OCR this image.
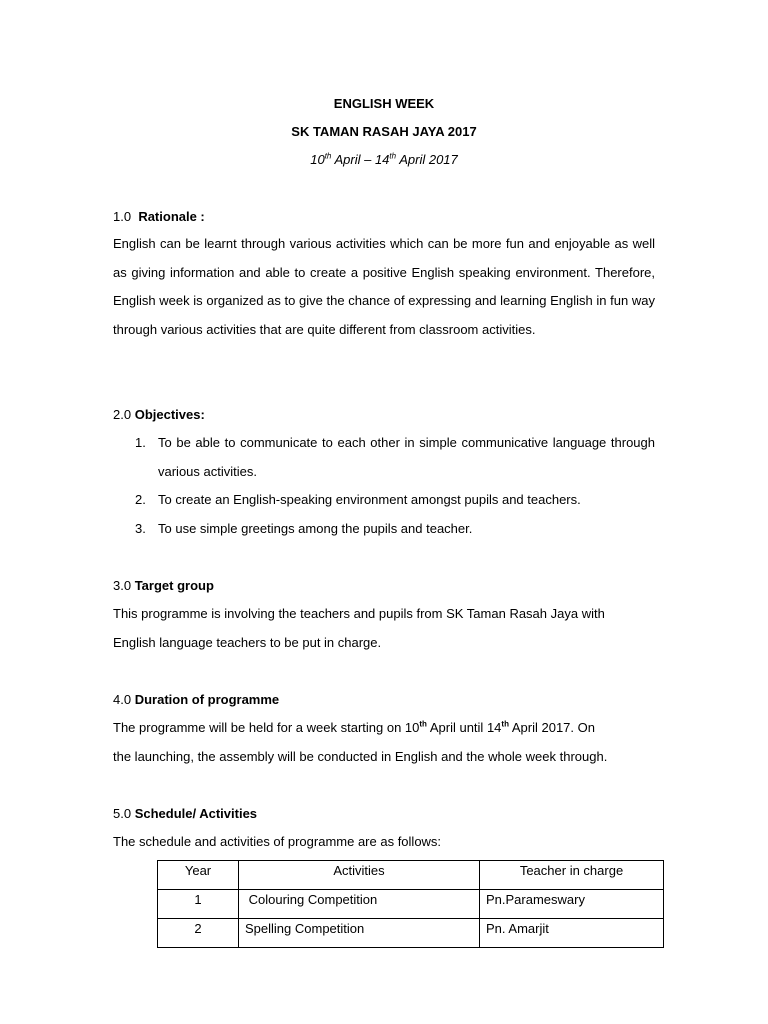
ENGLISH WEEK
SK TAMAN RASAH JAYA 2017
10th April – 14th April 2017
1.0 Rationale :
English can be learnt through various activities which can be more fun and enjoyable as well as giving information and able to create a positive English speaking environment. Therefore, English week is organized as to give the chance of expressing and learning English in fun way through various activities that are quite different from classroom activities.
2.0 Objectives:
1. To be able to communicate to each other in simple communicative language through various activities.
2. To create an English-speaking environment amongst pupils and teachers.
3. To use simple greetings among the pupils and teacher.
3.0 Target group
This programme is involving the teachers and pupils from SK Taman Rasah Jaya with
English language teachers to be put in charge.
4.0 Duration of programme
The programme will be held for a week starting on 10th April until 14th April 2017. On
the launching, the assembly will be conducted in English and the whole week through.
5.0 Schedule/ Activities
The schedule and activities of programme are as follows:
Year	Activities	Teacher in charge
1	Colouring Competition	Pn.Parameswary
2	Spelling Competition	Pn. Amarjit
